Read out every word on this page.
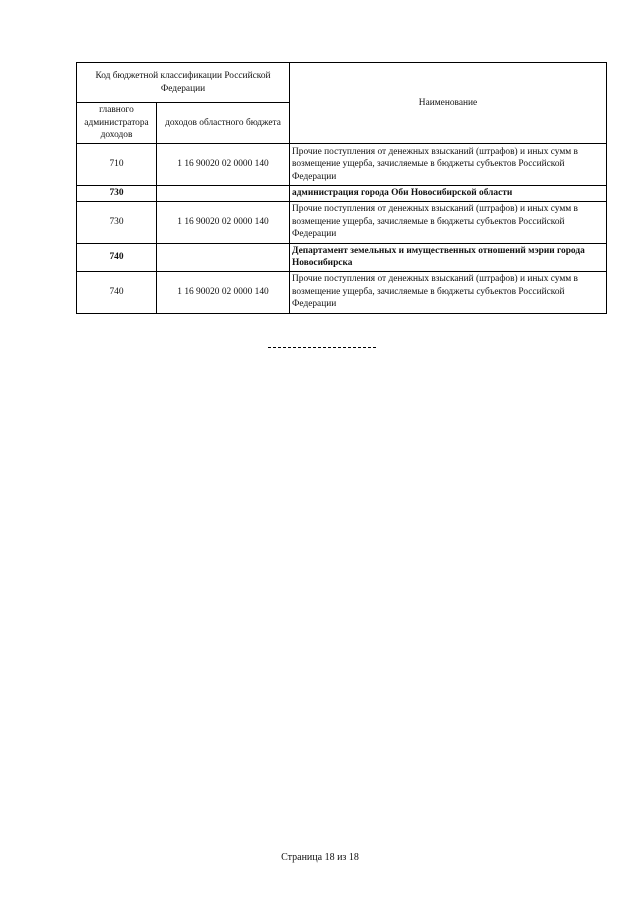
Код бюджетной классификации Российской Федерации		Наименование
главного администратора доходов	доходов областного бюджета	
710	1 16 90020 02 0000 140	Прочие поступления от денежных взысканий (штрафов) и иных сумм в возмещение ущерба, зачисляемые в бюджеты субъектов Российской Федерации
730		администрация города Оби Новосибирской области
730	1 16 90020 02 0000 140	Прочие поступления от денежных взысканий (штрафов) и иных сумм в возмещение ущерба, зачисляемые в бюджеты субъектов Российской Федерации
740		Департамент земельных и имущественных отношений мэрии города Новосибирска
740	1 16 90020 02 0000 140	Прочие поступления от денежных взысканий (штрафов) и иных сумм в возмещение ущерба, зачисляемые в бюджеты субъектов Российской Федерации
Страница 18 из 18
